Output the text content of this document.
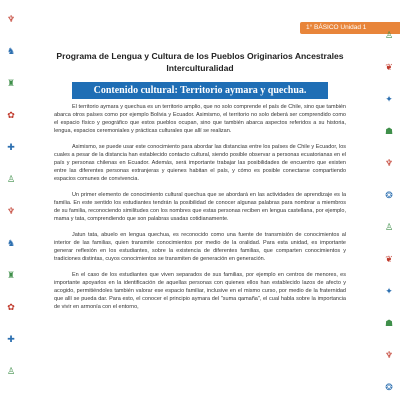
1° BÁSICO Unidad 1
♆
♞
♜
✿
✚
♙
♆
♞
♜
✿
✚
♙
♙
❦
✦
☗
♆
❂
♙
❦
✦
☗
♆
❂
Programa de Lengua y Cultura de los Pueblos Originarios Ancestrales
Interculturalidad
Contenido cultural: Territorio aymara y quechua.

El territorio aymara y quechua es un territorio amplio, que no solo comprende el país de Chile, sino que también abarca otros países como por ejemplo Bolivia y Ecuador. Asimismo, el territorio no solo deberá ser comprendido como el espacio físico y geográfico que estos pueblos ocupan, sino que también abarca aspectos referidos a su historia, lengua, espacios ceremoniales y prácticas culturales que allí se realizan.

Asimismo, se puede usar este conocimiento para abordar las distancias entre los países de Chile y Ecuador, los cuales a pesar de la distancia han establecido contacto cultural, siendo posible observar a personas ecuatorianas en el país y personas chilenas en Ecuador. Además, será importante trabajar las posibilidades de encuentro que existen entre las diferentes personas extranjeras y quienes habitan el país, y cómo es posible conectarse compartiendo espacios comunes de convivencia.

Un primer elemento de conocimiento cultural quechua que se abordará en las actividades de aprendizaje es la familia. En este sentido los estudiantes tendrán la posibilidad de conocer algunas palabras para nombrar a miembros de su familia, reconociendo similitudes con los nombres que estas personas reciben en lengua castellana, por ejemplo, mama y tata, comprendiendo que son palabras usadas cotidianamente.

Jatun tata, abuelo en lengua quechua, es reconocido como una fuente de transmisión de conocimientos al interior de las familias, quien transmite conocimientos por medio de la oralidad. Para esta unidad, es importante generar reflexión en los estudiantes, sobre la existencia de diferentes familias, que comparten conocimientos y tradiciones distintas, cuyos conocimientos se transmiten de generación en generación.

En el caso de los estudiantes que viven separados de sus familias, por ejemplo en centros de menores, es importante apoyarlos en la identificación de aquellas personas con quienes ellos han establecido lazos de afecto y acogido, permitiéndoles también valorar ese espacio familiar, inclusive en el mismo curso, por medio de la fraternidad que allí se pueda dar. Para esto, el conocer el principio aymara del "suma qamaña", el cual habla sobre la importancia de vivir en armonía con el entorno,
